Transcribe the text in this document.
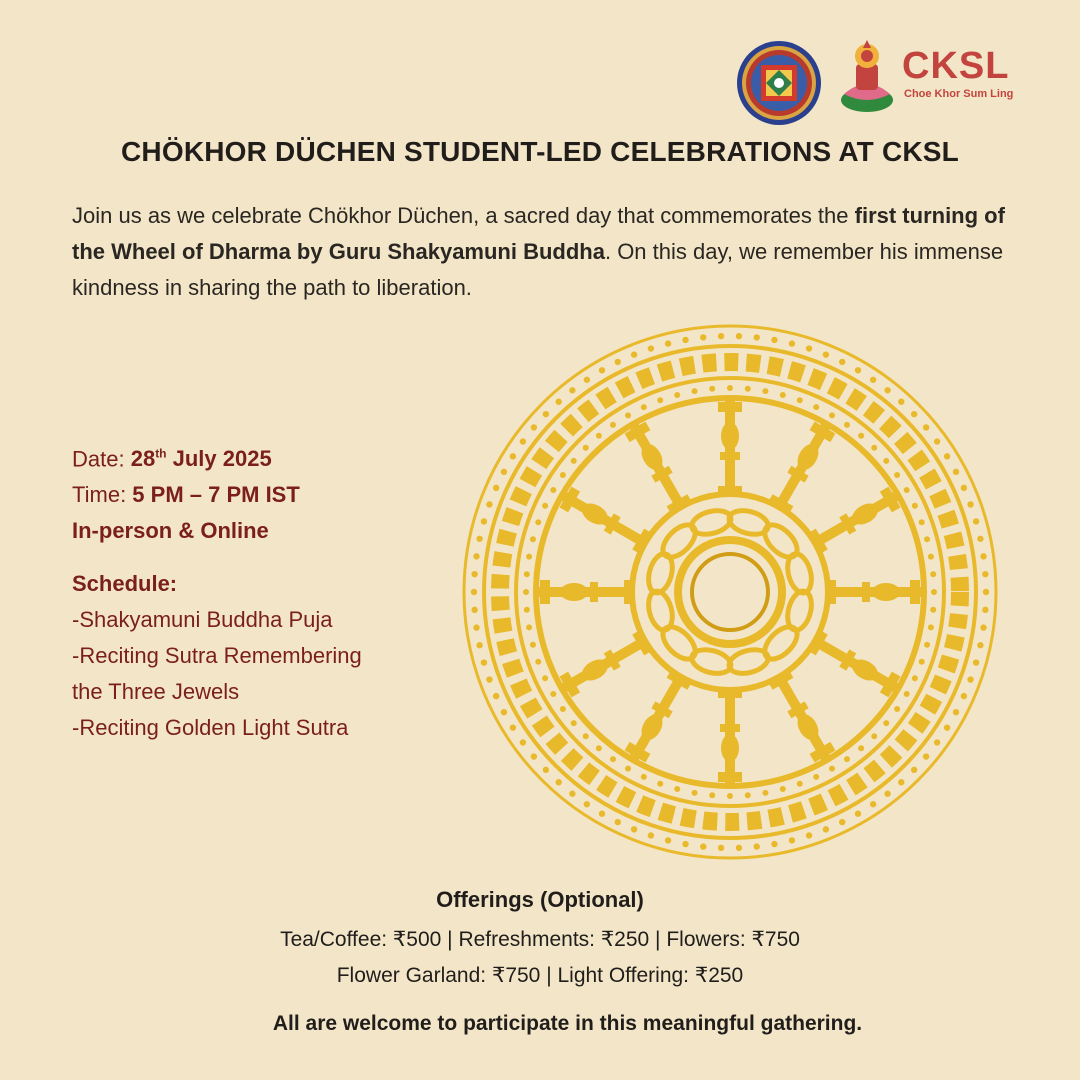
CKSL
Choe Khor Sum Ling
CHÖKHOR DÜCHEN STUDENT-LED CELEBRATIONS AT CKSL
Join us as we celebrate Chökhor Düchen, a sacred day that commemorates the first turning of the Wheel of Dharma by Guru Shakyamuni Buddha. On this day, we remember his immense kindness in sharing the path to liberation.
Date: 28th July 2025
Time: 5 PM – 7 PM IST
In-person & Online
Schedule:
-Shakyamuni Buddha Puja
-Reciting Sutra Remembering
the Three Jewels
-Reciting Golden Light Sutra
Offerings (Optional)
Tea/Coffee: ₹500 | Refreshments: ₹250 | Flowers: ₹750
Flower Garland: ₹750 | Light Offering: ₹250
All are welcome to participate in this meaningful gathering.
